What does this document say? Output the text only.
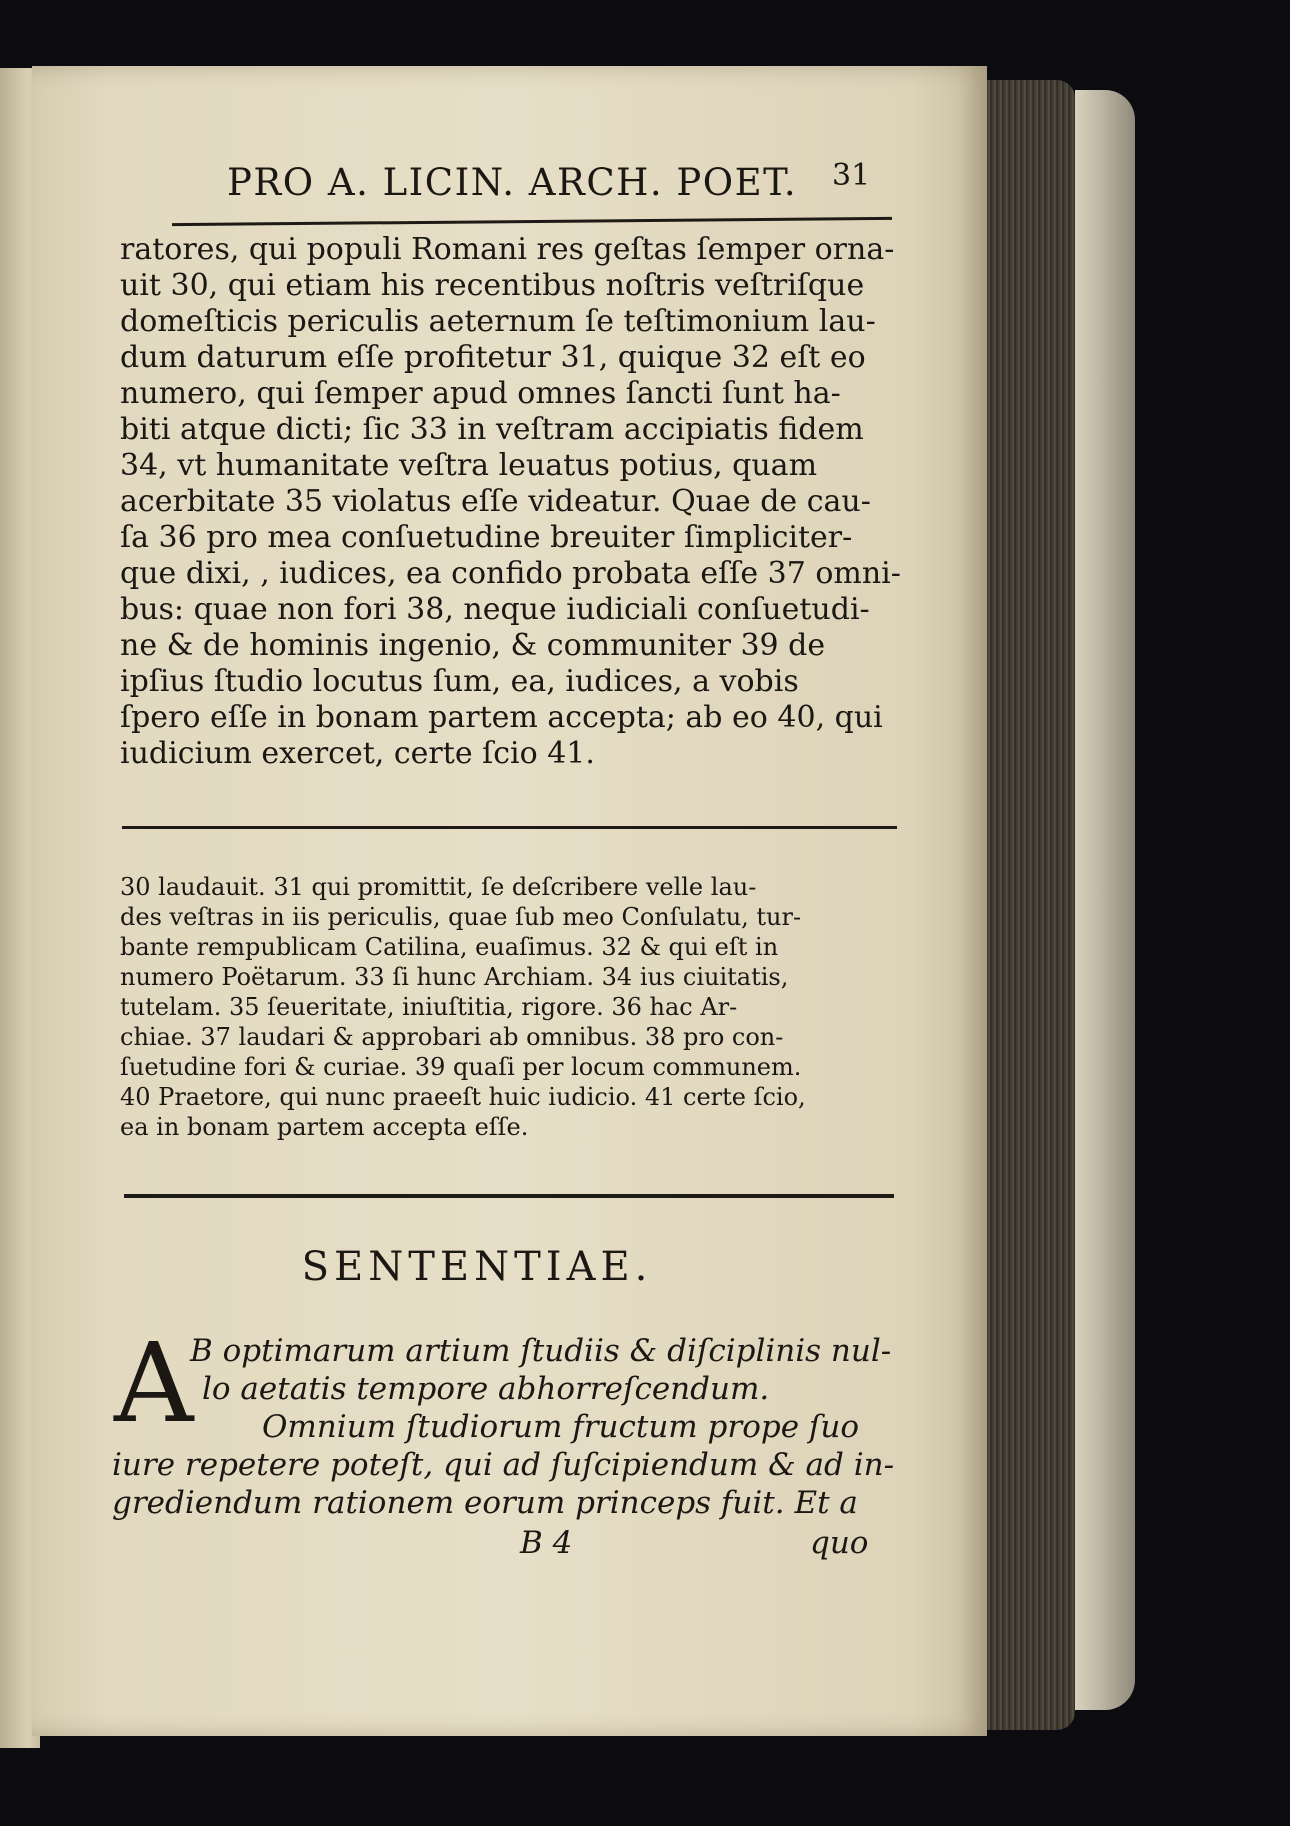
PRO A. LICIN. ARCH. POET. 31
ratores, qui populi Romani res geſtas ſemper orna-
uit 30, qui etiam his recentibus noſtris veſtriſque
domeſticis periculis aeternum ſe teſtimonium lau-
dum daturum eſſe profitetur 31, quique 32 eſt eo
numero, qui ſemper apud omnes ſancti ſunt ha-
biti atque dicti; ſic 33 in veſtram accipiatis fidem
34, vt humanitate veſtra leuatus potius, quam
acerbitate 35 violatus eſſe videatur. Quae de cau-
ſa 36 pro mea conſuetudine breuiter ſimpliciter-
que dixi, , iudices, ea confido probata eſſe 37 omni-
bus: quae non fori 38, neque iudiciali conſuetudi-
ne & de hominis ingenio, & communiter 39 de
ipſius ſtudio locutus ſum, ea, iudices, a vobis
ſpero eſſe in bonam partem accepta; ab eo 40, qui
iudicium exercet, certe ſcio 41.
30 laudauit. 31 qui promittit, ſe deſcribere velle lau-
des veſtras in iis periculis, quae ſub meo Conſulatu, tur-
bante rempublicam Catilina, euaſimus. 32 & qui eſt in
numero Poëtarum. 33 ſi hunc Archiam. 34 ius ciuitatis,
tutelam. 35 ſeueritate, iniuſtitia, rigore. 36 hac Ar-
chiae. 37 laudari & approbari ab omnibus. 38 pro con-
ſuetudine fori & curiae. 39 quaſi per locum communem.
40 Praetore, qui nunc praeeſt huic iudicio. 41 certe ſcio,
ea in bonam partem accepta eſſe.
SENTENTIAE.
A
B optimarum artium ſtudiis & diſciplinis nul-
lo aetatis tempore abhorreſcendum.
Omnium ſtudiorum fructum prope ſuo
iure repetere poteſt, qui ad ſuſcipiendum & ad in-
grediendum rationem eorum princeps fuit. Et a
B 4	quo
